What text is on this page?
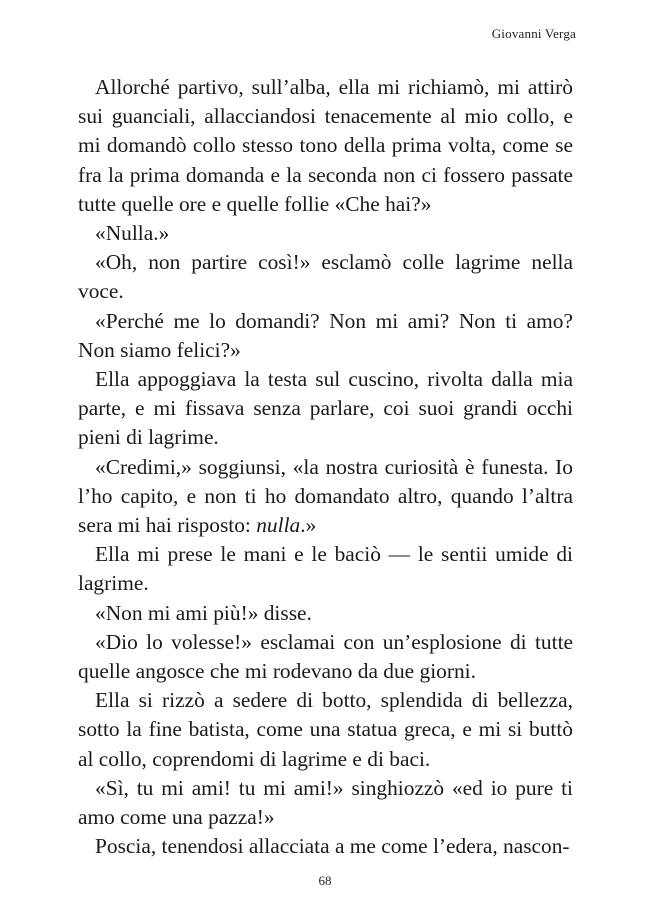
Giovanni Verga

Allorché partivo, sull’alba, ella mi richiamò, mi attirò sui guanciali, allacciandosi tenacemente al mio collo, e mi domandò collo stesso tono della prima volta, come se fra la prima domanda e la seconda non ci fossero passate tutte quelle ore e quelle follie «Che hai?»

«Nulla.»

«Oh, non partire così!» esclamò colle lagrime nella voce.

«Perché me lo domandi? Non mi ami? Non ti amo? Non siamo felici?»

Ella appoggiava la testa sul cuscino, rivolta dalla mia parte, e mi fissava senza parlare, coi suoi grandi occhi pieni di lagrime.

«Credimi,» soggiunsi, «la nostra curiosità è funesta. Io l’ho capito, e non ti ho domandato altro, quando l’altra sera mi hai risposto: nulla.»

Ella mi prese le mani e le baciò — le sentii umide di lagrime.

«Non mi ami più!» disse.

«Dio lo volesse!» esclamai con un’esplosione di tutte quelle angosce che mi rodevano da due giorni.

Ella si rizzò a sedere di botto, splendida di bellezza, sotto la fine batista, come una statua greca, e mi si buttò al collo, coprendomi di lagrime e di baci.

«Sì, tu mi ami! tu mi ami!» singhiozzò «ed io pure ti amo come una pazza!»

Poscia, tenendosi allacciata a me come l’edera, nascon-

68
